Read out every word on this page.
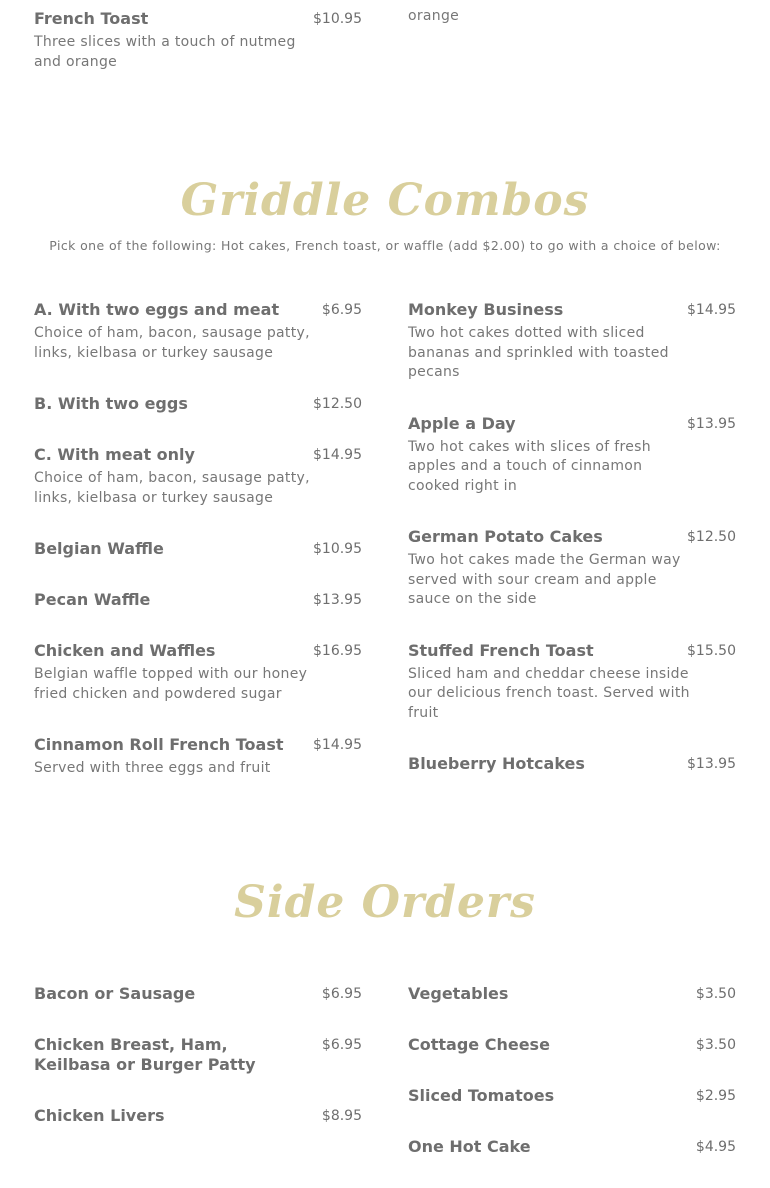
French Toast	$10.95
Three slices with a touch of nutmeg and orange
orange
Griddle Combos
Pick one of the following: Hot cakes, French toast, or waffle (add $2.00) to go with a choice of below:
A. With two eggs and meat	$6.95
Choice of ham, bacon, sausage patty, links, kielbasa or turkey sausage
B. With two eggs	$12.50
C. With meat only	$14.95
Choice of ham, bacon, sausage patty, links, kielbasa or turkey sausage
Belgian Waffle	$10.95
Pecan Waffle	$13.95
Chicken and Waffles	$16.95
Belgian waffle topped with our honey fried chicken and powdered sugar
Cinnamon Roll French Toast $14.95
Served with three eggs and fruit
Monkey Business	$14.95
Two hot cakes dotted with sliced bananas and sprinkled with toasted pecans
Apple a Day	$13.95
Two hot cakes with slices of fresh apples and a touch of cinnamon cooked right in
German Potato Cakes	$12.50
Two hot cakes made the German way served with sour cream and apple sauce on the side
Stuffed French Toast	$15.50
Sliced ham and cheddar cheese inside our delicious french toast. Served with fruit
Blueberry Hotcakes	$13.95
Side Orders
Bacon or Sausage	$6.95
Chicken Breast, Ham, Keilbasa or Burger Patty
$6.95
Chicken Livers	$8.95
Vegetables	$3.50
Cottage Cheese	$3.50
Sliced Tomatoes	$2.95
One Hot Cake	$4.95
